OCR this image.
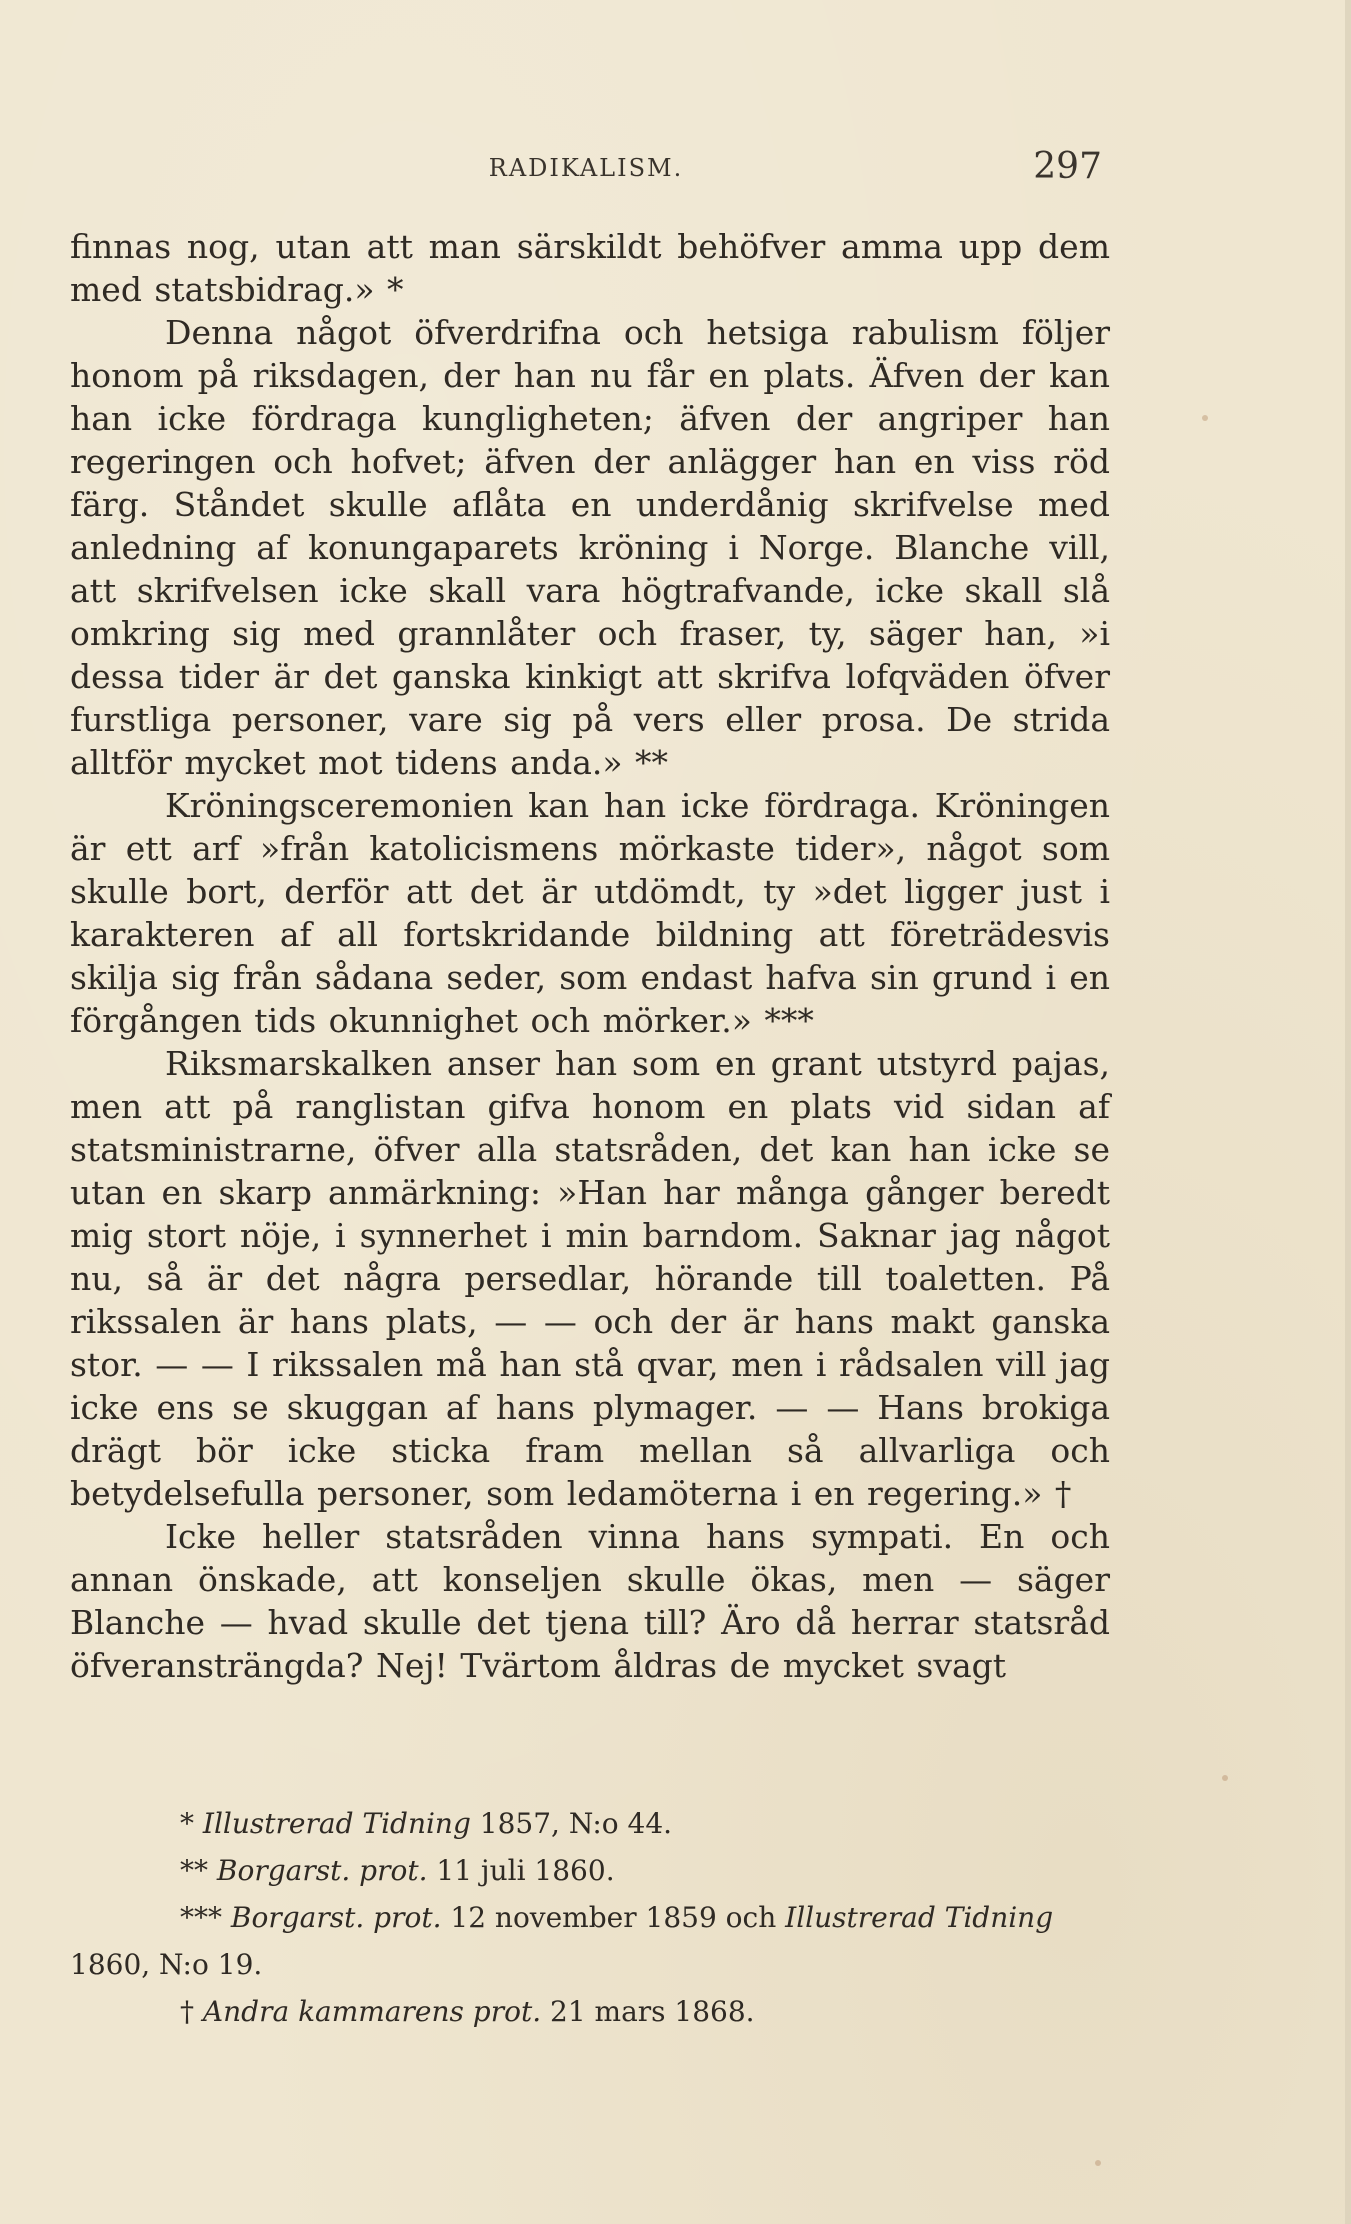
RADIKALISM.	297

finnas nog, utan att man särskildt behöfver amma upp dem med statsbidrag.» *

Denna något öfverdrifna och hetsiga rabulism följer honom på riksdagen, der han nu får en plats. Äfven der kan han icke fördraga kungligheten; äfven der angriper han regeringen och hofvet; äfven der anlägger han en viss röd färg. Ståndet skulle aflåta en underdånig skrifvelse med anledning af konungaparets kröning i Norge. Blanche vill, att skrifvelsen icke skall vara högtrafvande, icke skall slå omkring sig med grannlåter och fraser, ty, säger han, »i dessa tider är det ganska kinkigt att skrifva lofqväden öfver furstliga personer, vare sig på vers eller prosa. De strida alltför mycket mot tidens anda.» **

Kröningsceremonien kan han icke fördraga. Kröningen är ett arf »från katolicismens mörkaste tider», något som skulle bort, derför att det är utdömdt, ty »det ligger just i karakteren af all fortskridande bildning att företrädesvis skilja sig från sådana seder, som endast hafva sin grund i en förgången tids okunnighet och mörker.» ***

Riksmarskalken anser han som en grant utstyrd pajas, men att på ranglistan gifva honom en plats vid sidan af statsministrarne, öfver alla statsråden, det kan han icke se utan en skarp anmärkning: »Han har många gånger beredt mig stort nöje, i synnerhet i min barndom. Saknar jag något nu, så är det några persedlar, hörande till toaletten. På rikssalen är hans plats, — — och der är hans makt ganska stor. — — I rikssalen må han stå qvar, men i rådsalen vill jag icke ens se skuggan af hans plymager. — — Hans brokiga drägt bör icke sticka fram mellan så allvarliga och betydelsefulla personer, som ledamöterna i en regering.» †

Icke heller statsråden vinna hans sympati. En och annan önskade, att konseljen skulle ökas, men — säger Blanche — hvad skulle det tjena till? Äro då herrar statsråd öfveransträngda? Nej! Tvärtom åldras de mycket svagt

* Illustrerad Tidning 1857, N:o 44.

** Borgarst. prot. 11 juli 1860.

*** Borgarst. prot. 12 november 1859 och Illustrerad Tidning 1860, N:o 19.

† Andra kammarens prot. 21 mars 1868.
